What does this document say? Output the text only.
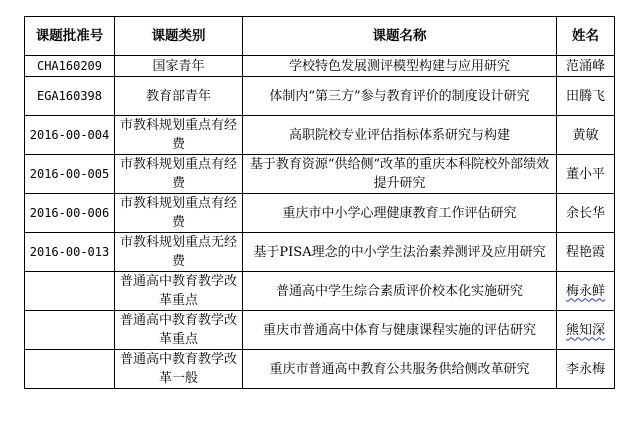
课题批准号	课题类别	课题名称	姓名
CHA160209	国家青年	学校特色发展测评模型构建与应用研究	范涌峰
EGA160398	教育部青年	体制内“第三方”参与教育评价的制度设计研究	田腾飞
2016-00-004	市教科规划重点有经费	高职院校专业评估指标体系研究与构建	黄敏
2016-00-005	市教科规划重点有经费	基于教育资源“供给侧”改革的重庆本科院校外部绩效提升研究	董小平
2016-00-006	市教科规划重点有经费	重庆市中小学心理健康教育工作评估研究	余长华
2016-00-013	市教科规划重点无经费	基于PISA理念的中小学生法治素养测评及应用研究	程艳霞
	普通高中教育教学改革重点	普通高中学生综合素质评价校本化实施研究	梅永鲜
	普通高中教育教学改革重点	重庆市普通高中体育与健康课程实施的评估研究	熊知深
	普通高中教育教学改革一般	重庆市普通高中教育公共服务供给侧改革研究	李永梅
